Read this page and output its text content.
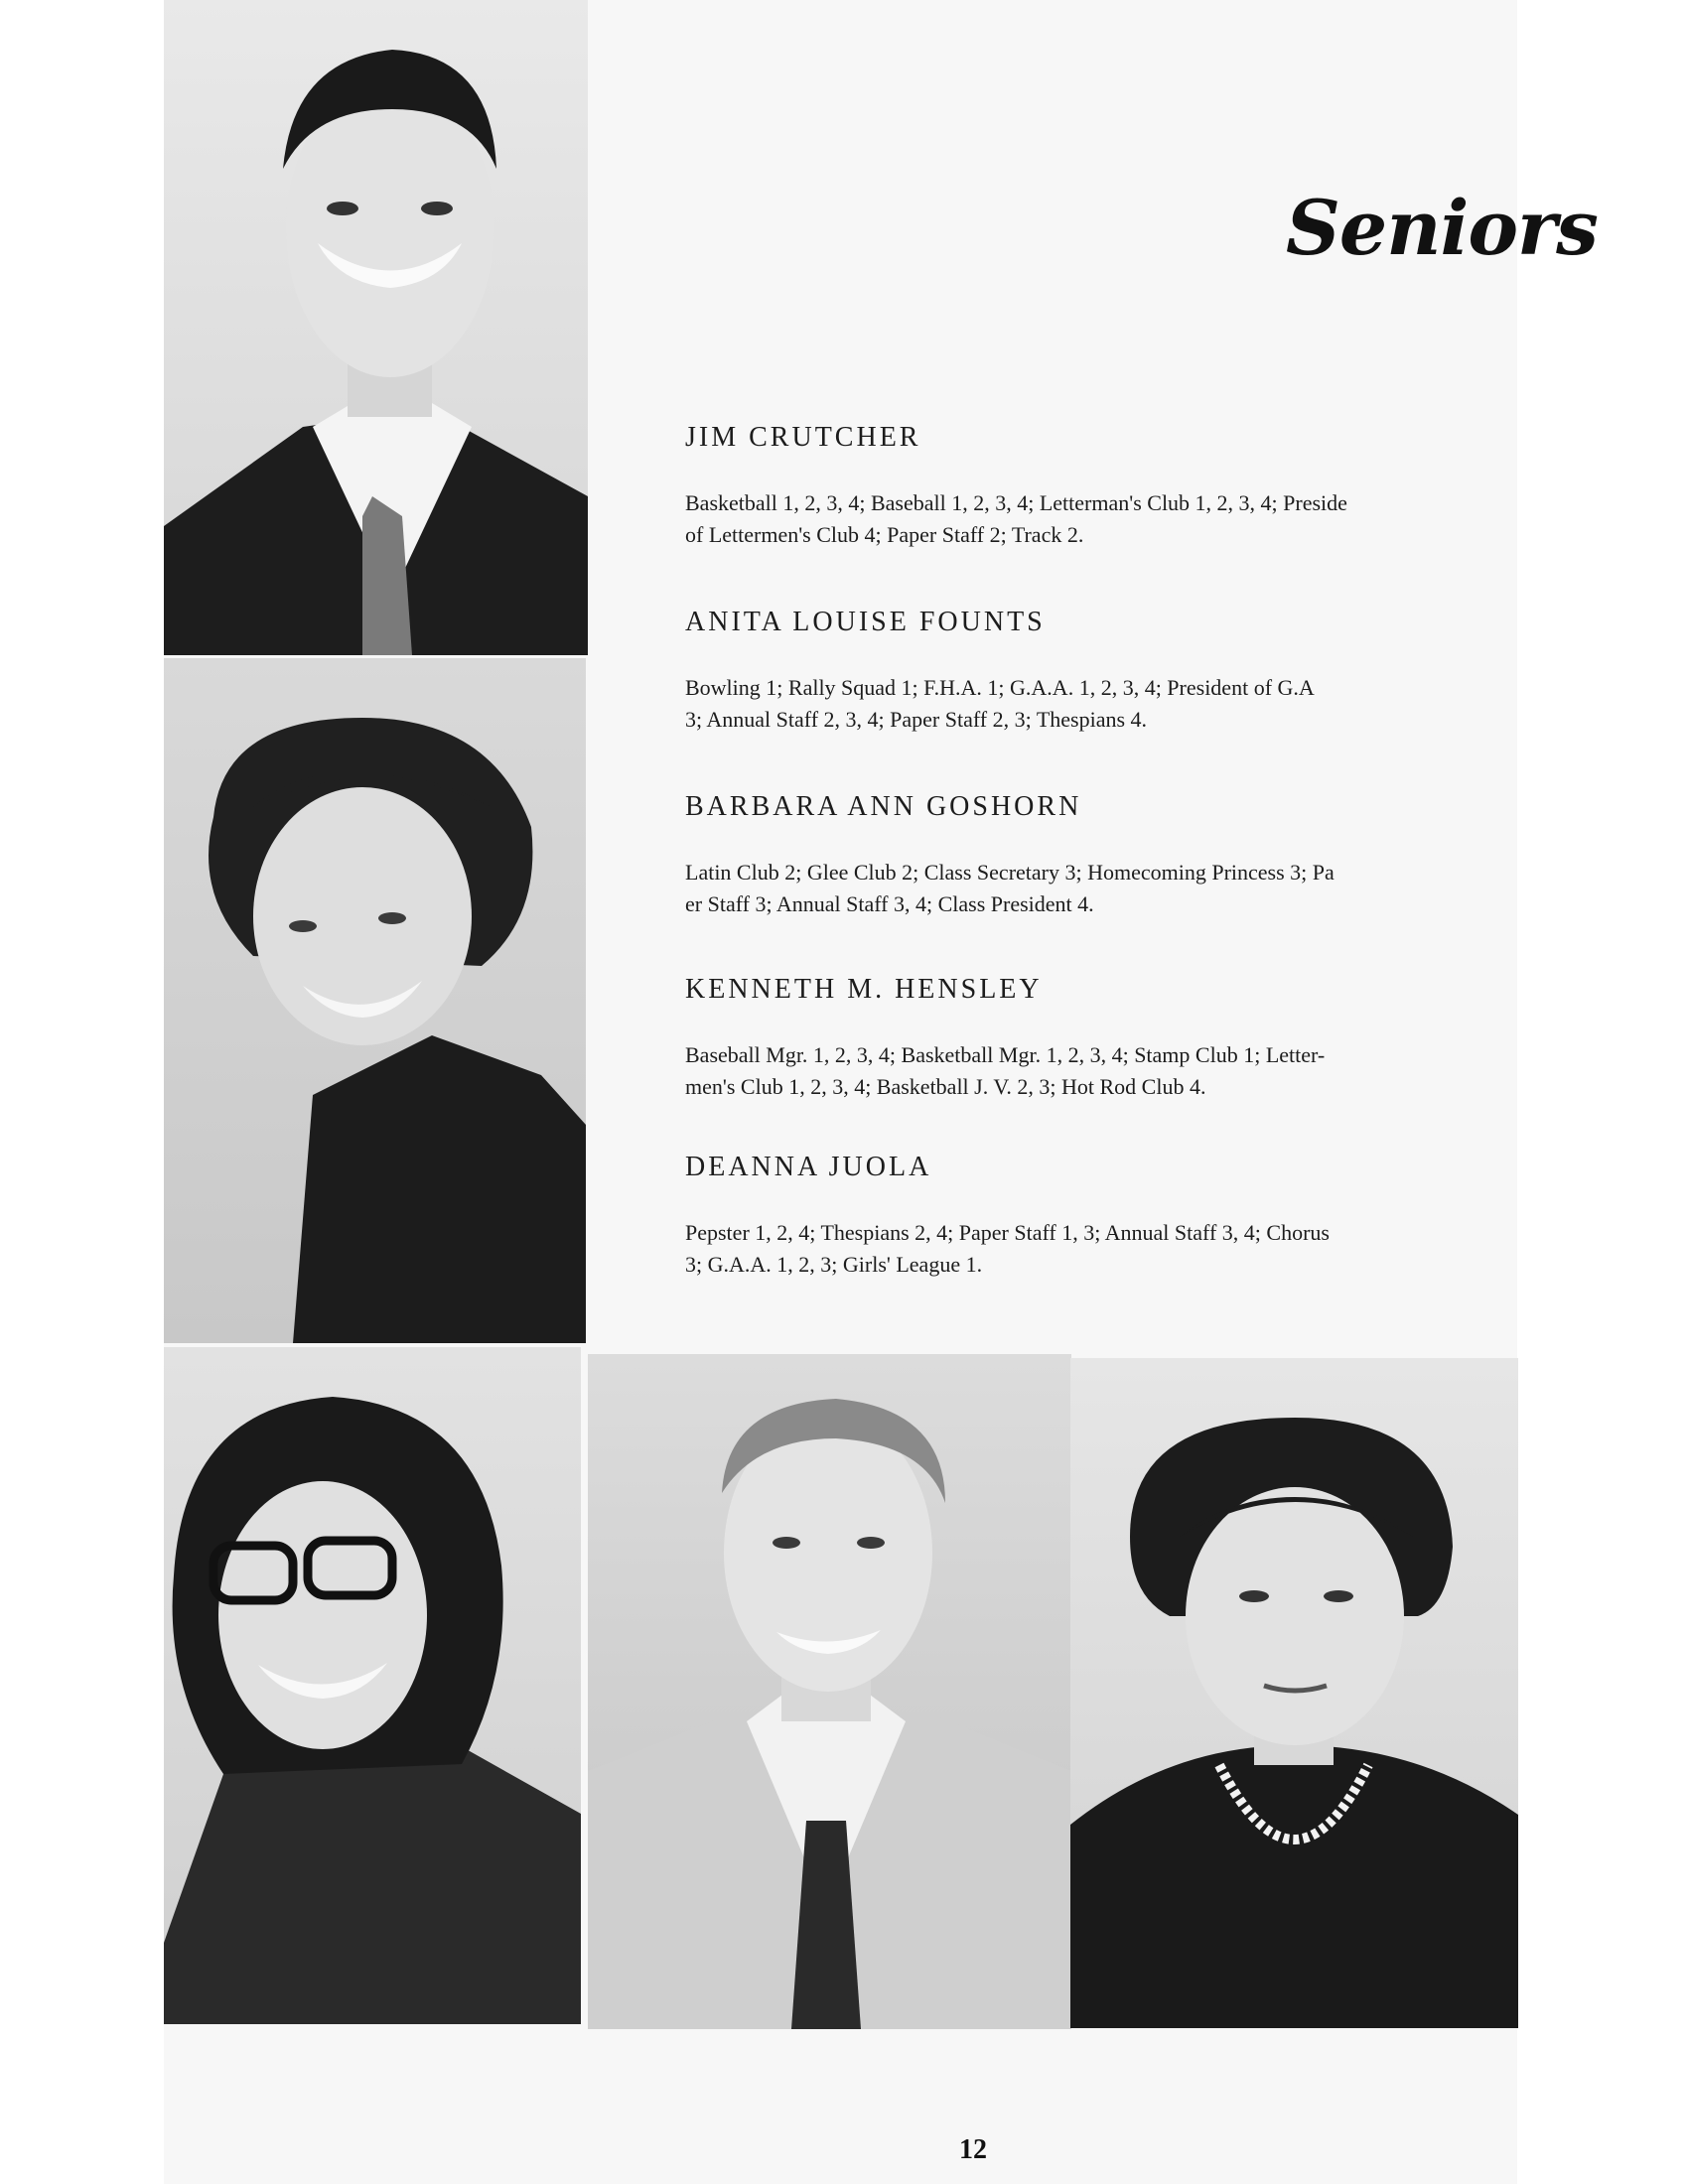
Seniors
JIM CRUTCHER
Basketball 1, 2, 3, 4; Baseball 1, 2, 3, 4; Letterman's Club 1, 2, 3, 4; Preside
of Lettermen's Club 4; Paper Staff 2; Track 2.
ANITA LOUISE FOUNTS
Bowling 1; Rally Squad 1; F.H.A. 1; G.A.A. 1, 2, 3, 4; President of G.A
3; Annual Staff 2, 3, 4; Paper Staff 2, 3; Thespians 4.
BARBARA ANN GOSHORN
Latin Club 2; Glee Club 2; Class Secretary 3; Homecoming Princess 3; Pa
er Staff 3; Annual Staff 3, 4; Class President 4.
KENNETH M. HENSLEY
Baseball Mgr. 1, 2, 3, 4; Basketball Mgr. 1, 2, 3, 4; Stamp Club 1; Letter-
men's Club 1, 2, 3, 4; Basketball J. V. 2, 3; Hot Rod Club 4.
DEANNA JUOLA
Pepster 1, 2, 4; Thespians 2, 4; Paper Staff 1, 3; Annual Staff 3, 4; Chorus
3; G.A.A. 1, 2, 3; Girls' League 1.
12
